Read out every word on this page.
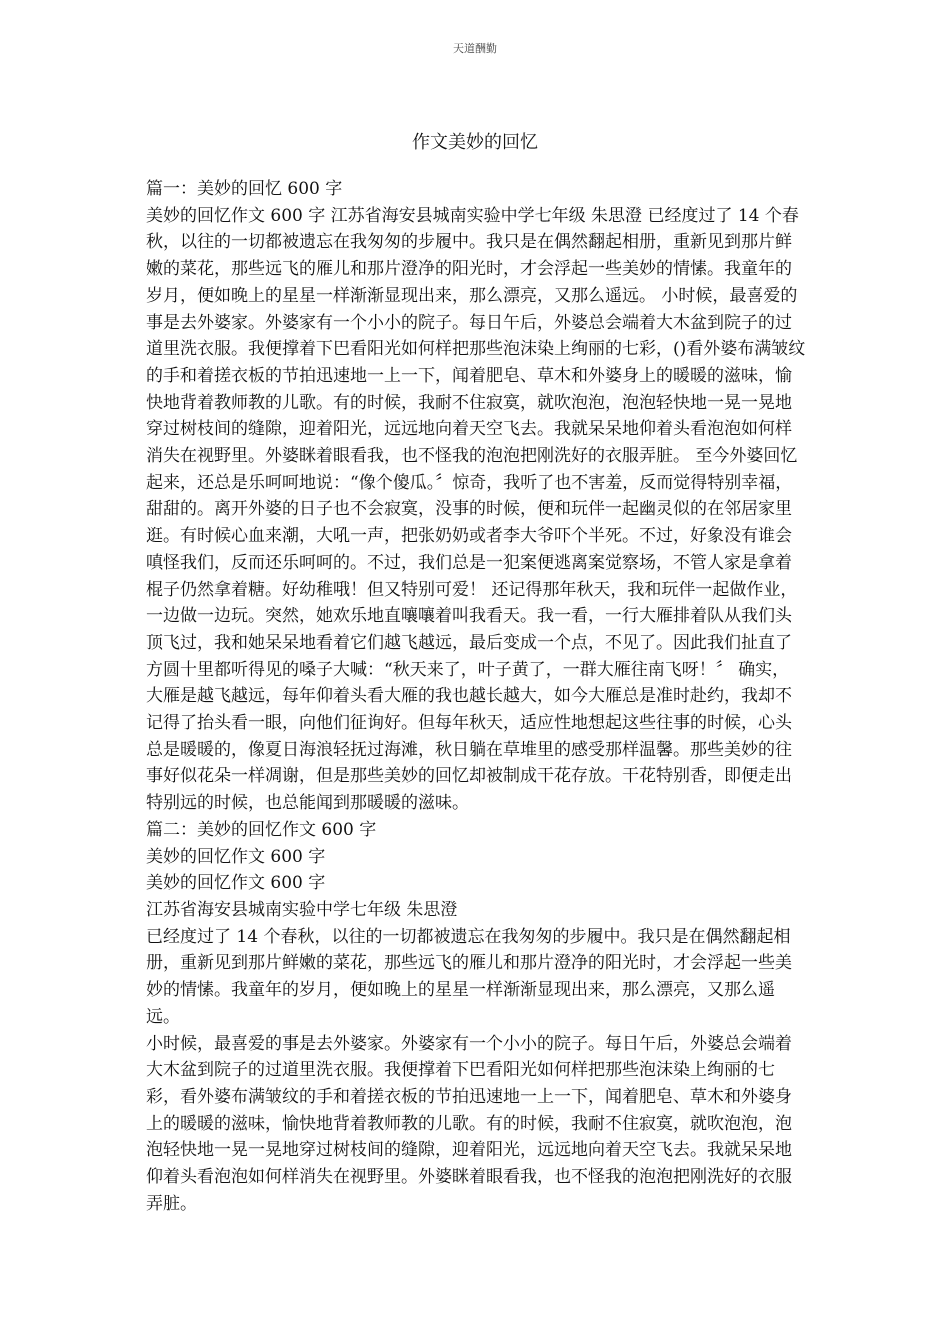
天道酬勤
作文美妙的回忆

篇一：美妙的回忆 600 字

美妙的回忆作文 600 字 江苏省海安县城南实验中学七年级 朱思澄 已经度过了 14 个春秋，以往的一切都被遗忘在我匆匆的步履中。我只是在偶然翻起相册，重新见到那片鲜嫩的菜花，那些远飞的雁儿和那片澄净的阳光时，才会浮起一些美妙的情愫。我童年的岁月，便如晚上的星星一样渐渐显现出来，那么漂亮，又那么遥远。 小时候，最喜爱的事是去外婆家。外婆家有一个小小的院子。每日午后，外婆总会端着大木盆到院子的过道里洗衣服。我便撑着下巴看阳光如何样把那些泡沫染上绚丽的七彩，()看外婆布满皱纹的手和着搓衣板的节拍迅速地一上一下，闻着肥皂、草木和外婆身上的暖暖的滋味，愉快地背着教师教的儿歌。有的时候，我耐不住寂寞，就吹泡泡，泡泡轻快地一晃一晃地穿过树枝间的缝隙，迎着阳光，远远地向着天空飞去。我就呆呆地仰着头看泡泡如何样消失在视野里。外婆眯着眼看我，也不怪我的泡泡把刚洗好的衣服弄脏。 至今外婆回忆起来，还总是乐呵呵地说：“像个傻瓜。〞惊奇，我听了也不害羞，反而觉得特别幸福，甜甜的。离开外婆的日子也不会寂寞，没事的时候，便和玩伴一起幽灵似的在邻居家里逛。有时候心血来潮，大吼一声，把张奶奶或者李大爷吓个半死。不过，好象没有谁会嗔怪我们，反而还乐呵呵的。不过，我们总是一犯案便逃离案觉察场，不管人家是拿着棍子仍然拿着糖。好幼稚哦！但又特别可爱！ 还记得那年秋天，我和玩伴一起做作业，一边做一边玩。突然，她欢乐地直嚷嚷着叫我看天。我一看，一行大雁排着队从我们头顶飞过，我和她呆呆地看着它们越飞越远，最后变成一个点，不见了。因此我们扯直了方圆十里都听得见的嗓子大喊：“秋天来了，叶子黄了，一群大雁往南飞呀！〞 确实，大雁是越飞越远，每年仰着头看大雁的我也越长越大，如今大雁总是准时赴约，我却不记得了抬头看一眼，向他们征询好。但每年秋天，适应性地想起这些往事的时候，心头总是暖暖的，像夏日海浪轻抚过海滩，秋日躺在草堆里的感受那样温馨。那些美妙的往事好似花朵一样凋谢，但是那些美妙的回忆却被制成干花存放。干花特别香，即便走出特别远的时候，也总能闻到那暖暖的滋味。

篇二：美妙的回忆作文 600 字

美妙的回忆作文 600 字

美妙的回忆作文 600 字

江苏省海安县城南实验中学七年级 朱思澄

已经度过了 14 个春秋，以往的一切都被遗忘在我匆匆的步履中。我只是在偶然翻起相册，重新见到那片鲜嫩的菜花，那些远飞的雁儿和那片澄净的阳光时，才会浮起一些美妙的情愫。我童年的岁月，便如晚上的星星一样渐渐显现出来，那么漂亮，又那么遥远。

小时候，最喜爱的事是去外婆家。外婆家有一个小小的院子。每日午后，外婆总会端着大木盆到院子的过道里洗衣服。我便撑着下巴看阳光如何样把那些泡沫染上绚丽的七彩，看外婆布满皱纹的手和着搓衣板的节拍迅速地一上一下，闻着肥皂、草木和外婆身上的暖暖的滋味，愉快地背着教师教的儿歌。有的时候，我耐不住寂寞，就吹泡泡，泡泡轻快地一晃一晃地穿过树枝间的缝隙，迎着阳光，远远地向着天空飞去。我就呆呆地仰着头看泡泡如何样消失在视野里。外婆眯着眼看我，也不怪我的泡泡把刚洗好的衣服弄脏。
